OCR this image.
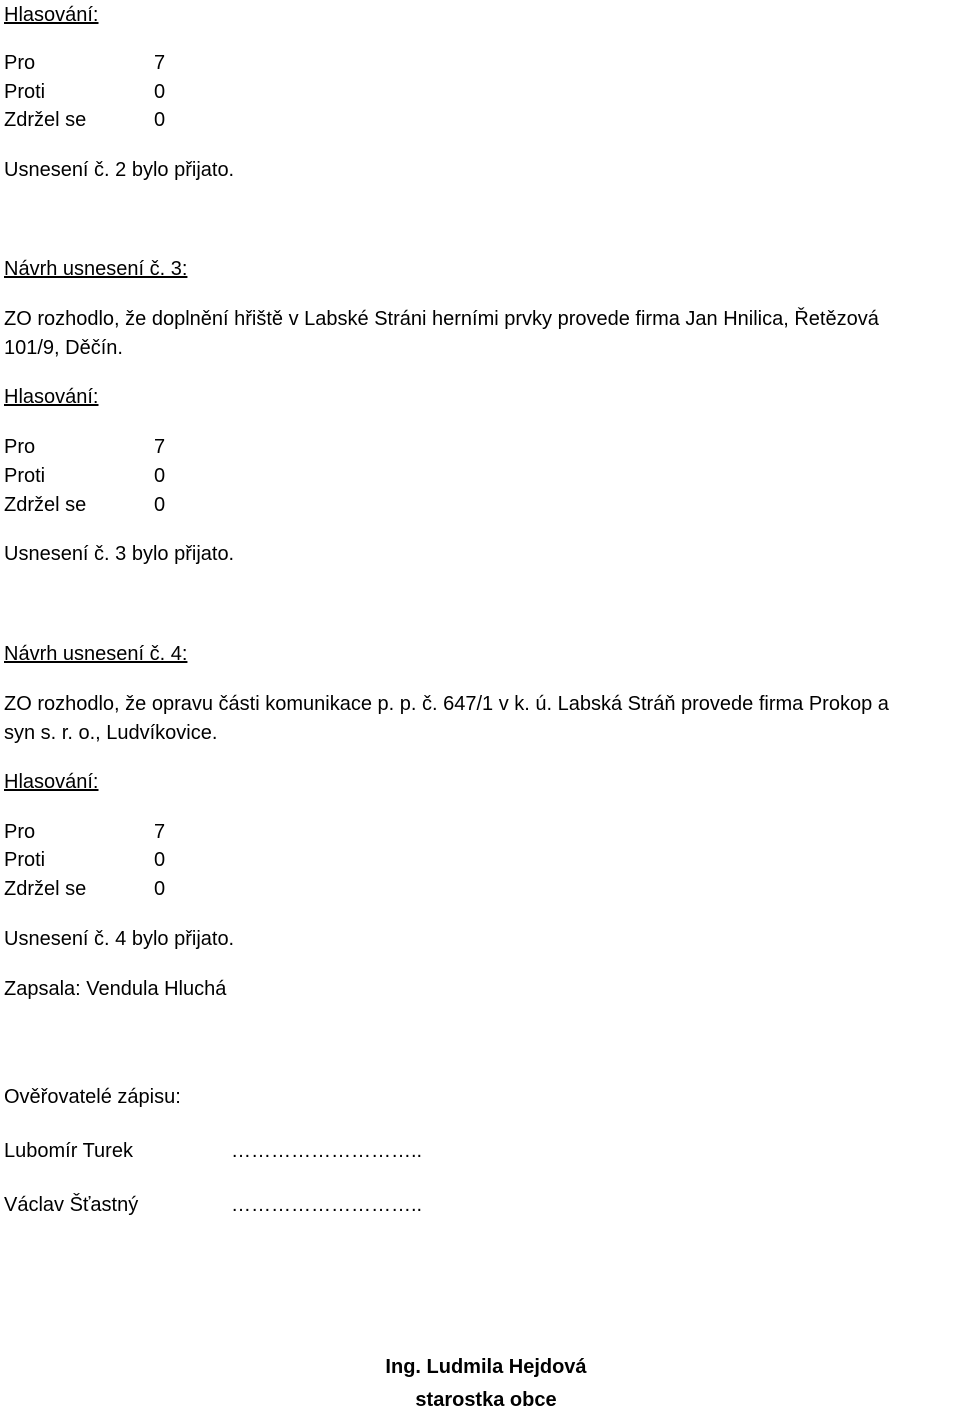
Hlasování:
Pro	7
Proti	0
Zdržel se	0
Usnesení č. 2 bylo přijato.
Návrh usnesení č. 3:
ZO rozhodlo, že doplnění hřiště v Labské Stráni herními prvky provede firma Jan Hnilica, Řetězová
101/9, Děčín.
Hlasování:
Pro	7
Proti	0
Zdržel se	0
Usnesení č. 3 bylo přijato.
Návrh usnesení č. 4:
ZO rozhodlo, že opravu části komunikace p. p. č. 647/1 v k. ú. Labská Stráň provede firma Prokop a
syn s. r. o., Ludvíkovice.
Hlasování:
Pro	7
Proti	0
Zdržel se	0
Usnesení č. 4 bylo přijato.
Zapsala: Vendula Hluchá
Ověřovatelé zápisu:
Lubomír Turek	………………………..
Václav Šťastný	………………………..
Ing. Ludmila Hejdová
starostka obce
